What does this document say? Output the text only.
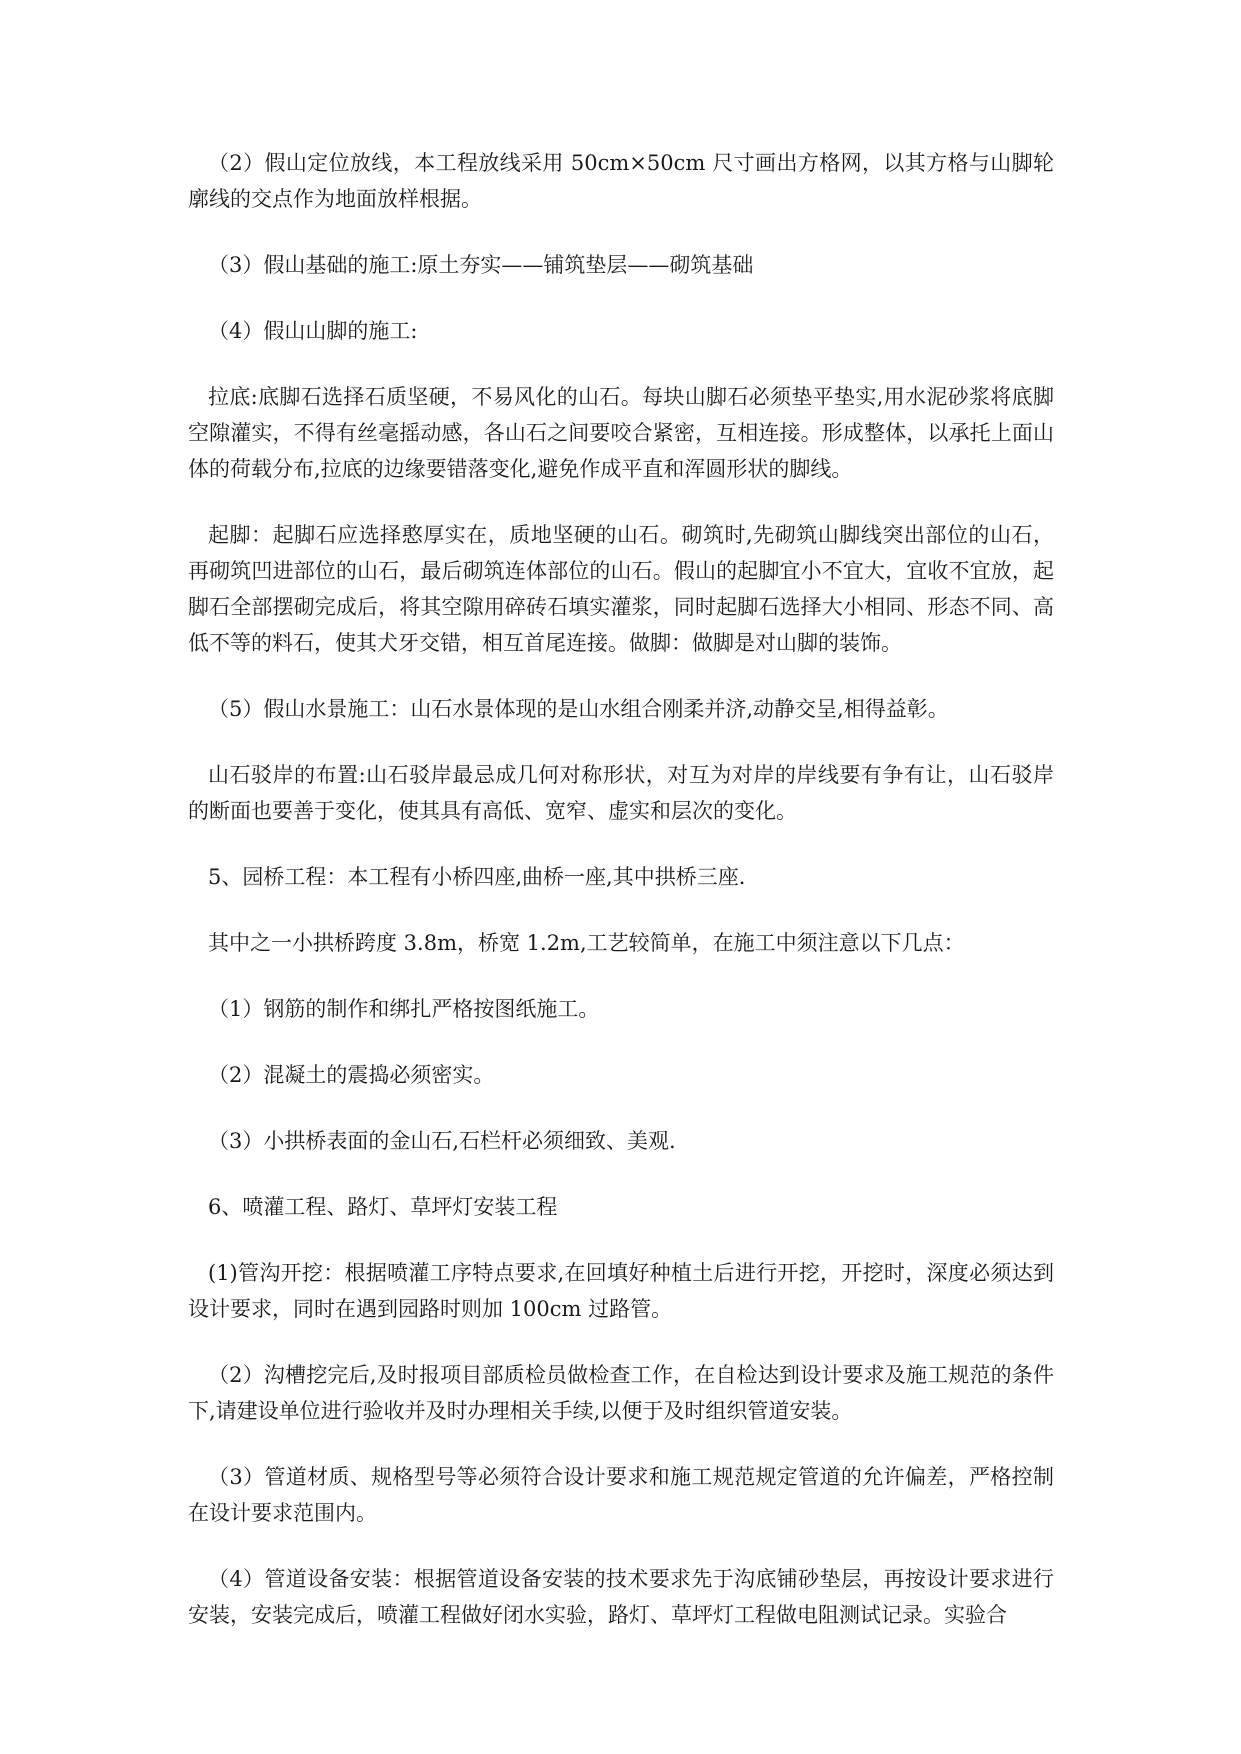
（2）假山定位放线，本工程放线采用 50cm×50cm 尺寸画出方格网，以其方格与山脚轮廓线的交点作为地面放样根据。

（3）假山基础的施工:原土夯实——铺筑垫层——砌筑基础

（4）假山山脚的施工:

拉底:底脚石选择石质坚硬，不易风化的山石。每块山脚石必须垫平垫实,用水泥砂浆将底脚空隙灌实，不得有丝毫摇动感，各山石之间要咬合紧密，互相连接。形成整体，以承托上面山体的荷载分布,拉底的边缘要错落变化,避免作成平直和浑圆形状的脚线。

起脚：起脚石应选择憨厚实在，质地坚硬的山石。砌筑时,先砌筑山脚线突出部位的山石，再砌筑凹进部位的山石，最后砌筑连体部位的山石。假山的起脚宜小不宜大，宜收不宜放，起脚石全部摆砌完成后，将其空隙用碎砖石填实灌浆，同时起脚石选择大小相同、形态不同、高低不等的料石，使其犬牙交错，相互首尾连接。做脚：做脚是对山脚的装饰。

（5）假山水景施工：山石水景体现的是山水组合刚柔并济,动静交呈,相得益彰。

山石驳岸的布置:山石驳岸最忌成几何对称形状，对互为对岸的岸线要有争有让，山石驳岸的断面也要善于变化，使其具有高低、宽窄、虚实和层次的变化。

5、园桥工程：本工程有小桥四座,曲桥一座,其中拱桥三座.

其中之一小拱桥跨度 3.8m，桥宽 1.2m,工艺较简单，在施工中须注意以下几点：

（1）钢筋的制作和绑扎严格按图纸施工。

（2）混凝土的震捣必须密实。

（3）小拱桥表面的金山石,石栏杆必须细致、美观.

6、喷灌工程、路灯、草坪灯安装工程

(1)管沟开挖：根据喷灌工序特点要求,在回填好种植土后进行开挖，开挖时，深度必须达到设计要求，同时在遇到园路时则加 100cm 过路管。

（2）沟槽挖完后,及时报项目部质检员做检查工作，在自检达到设计要求及施工规范的条件下,请建设单位进行验收并及时办理相关手续,以便于及时组织管道安装。

（3）管道材质、规格型号等必须符合设计要求和施工规范规定管道的允许偏差，严格控制在设计要求范围内。

（4）管道设备安装：根据管道设备安装的技术要求先于沟底铺砂垫层，再按设计要求进行安装，安装完成后，喷灌工程做好闭水实验，路灯、草坪灯工程做电阻测试记录。实验合
